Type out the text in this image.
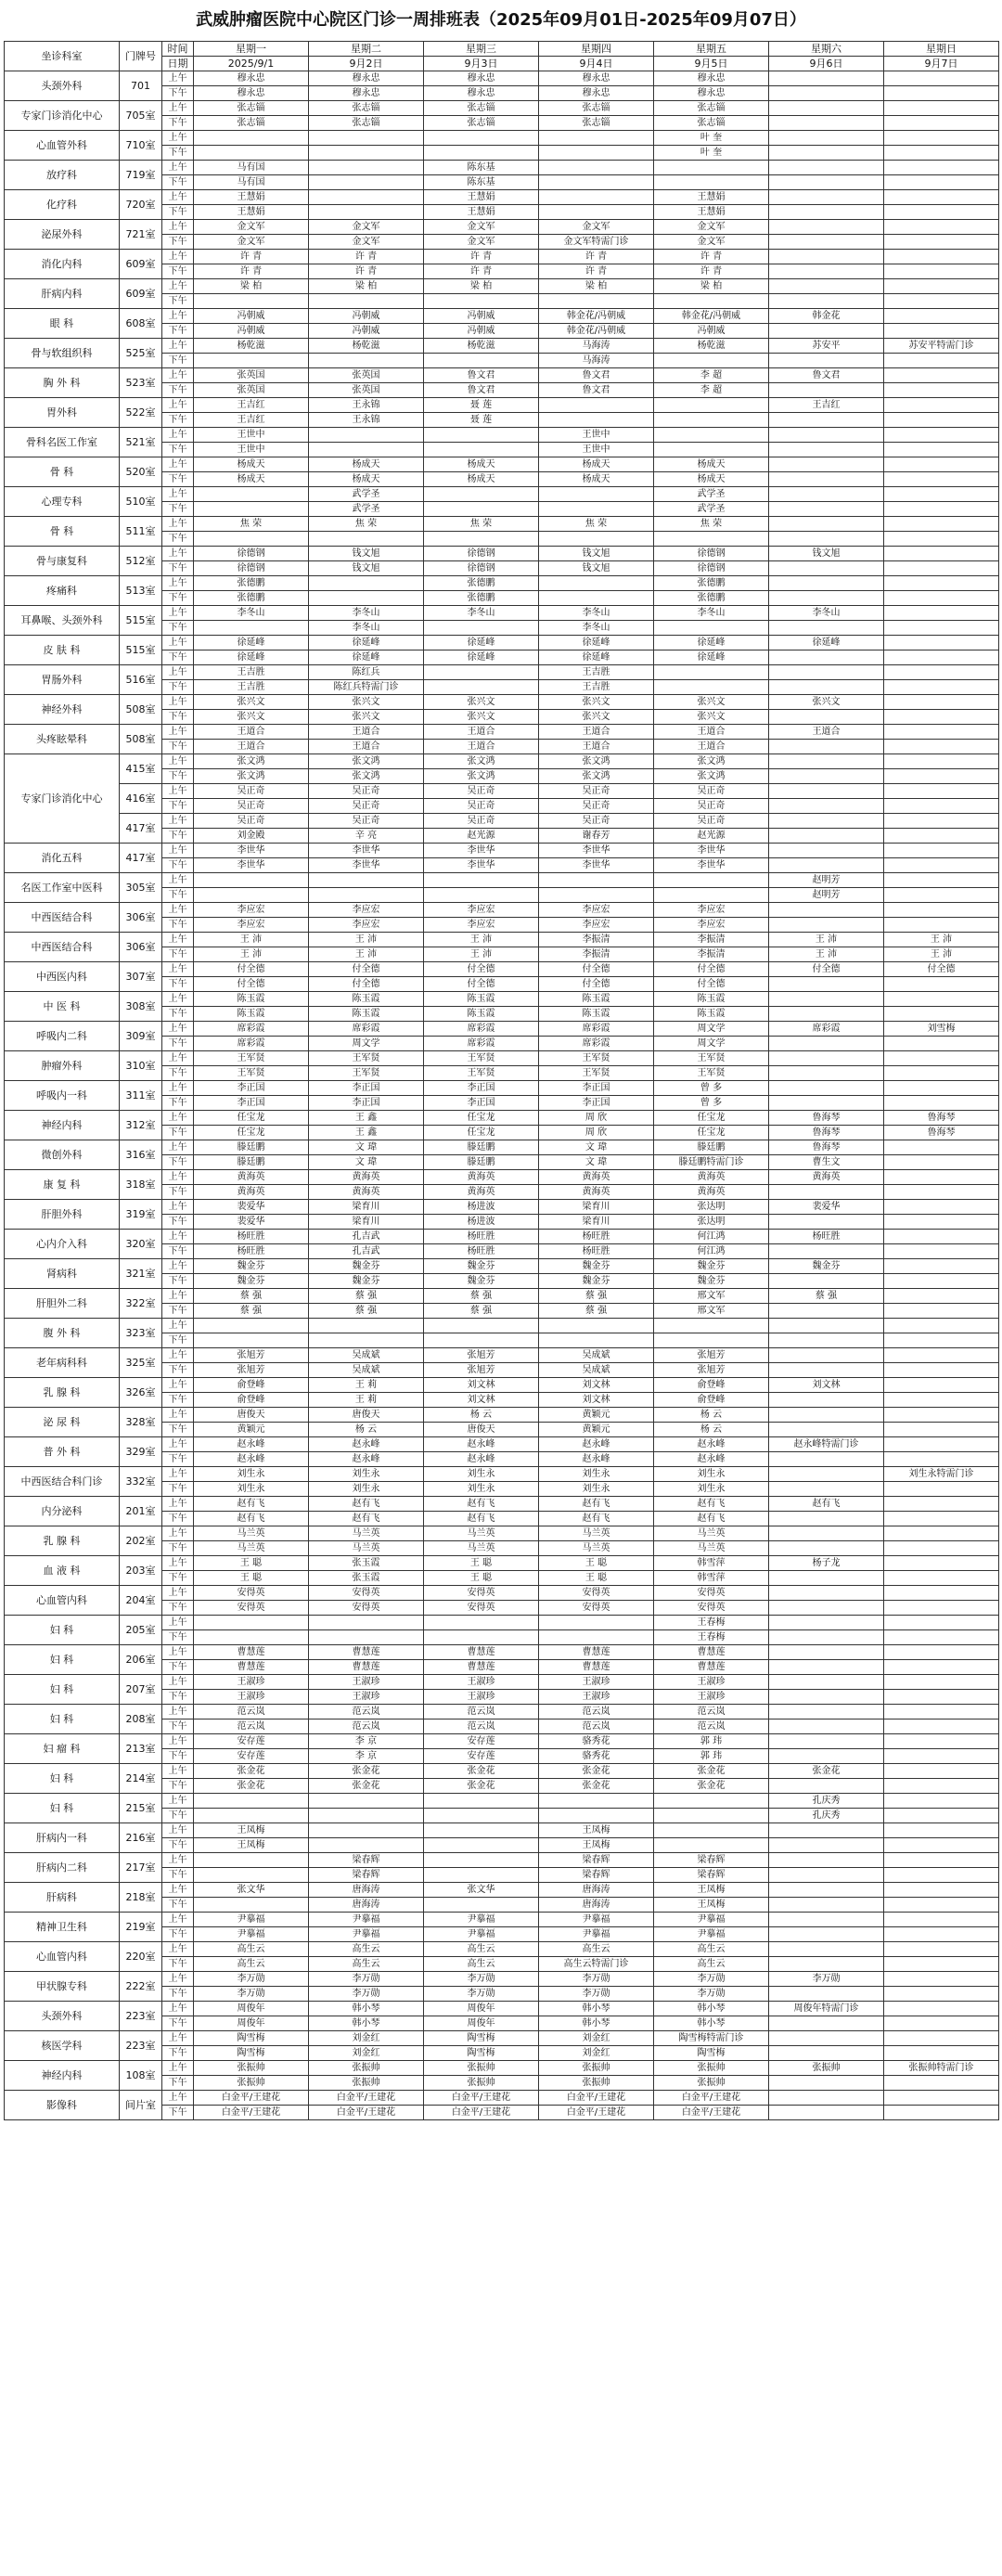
武威肿瘤医院中心院区门诊一周排班表（2025年09月01日-2025年09月07日）
坐诊科室	门牌号	时间	星期一	星期二	星期三	星期四	星期五	星期六	星期日
		日期	2025/9/1	9月2日	9月3日	9月4日	9月5日	9月6日	9月7日
头颈外科	701	上午	穆永忠	穆永忠	穆永忠	穆永忠	穆永忠		
		下午	穆永忠	穆永忠	穆永忠	穆永忠	穆永忠		
专家门诊消化中心	705室	上午	张志锱	张志锱	张志锱	张志锱	张志锱		
		下午	张志锱	张志锱	张志锱	张志锱	张志锱		
心血管外科	710室	上午					叶 奎		
		下午					叶 奎		
放疗科	719室	上午	马有国		陈东基				
		下午	马有国		陈东基				
化疗科	720室	上午	王慧娟		王慧娟		王慧娟		
		下午	王慧娟		王慧娟		王慧娟		
泌尿外科	721室	上午	金文军	金文军	金文军	金文军	金文军		
		下午	金文军	金文军	金文军	金文军特需门诊	金文军		
消化内科	609室	上午	许 青	许 青	许 青	许 青	许 青		
		下午	许 青	许 青	许 青	许 青	许 青		
肝病内科	609室	上午	梁 柏	梁 柏	梁 柏	梁 柏	梁 柏		
		下午							
眼 科	608室	上午	冯朝威	冯朝威	冯朝威	韩金花/冯朝威	韩金花/冯朝威	韩金花	
		下午	冯朝威	冯朝威	冯朝威	韩金花/冯朝威	冯朝威		
骨与软组织科	525室	上午	杨乾滋	杨乾滋	杨乾滋	马海涛	杨乾滋	苏安平	苏安平特需门诊
		下午				马海涛			
胸 外 科	523室	上午	张英国	张英国	鲁文君	鲁文君	李 超	鲁文君	
		下午	张英国	张英国	鲁文君	鲁文君	李 超		
胃外科	522室	上午	王吉红	王永锦	聂 莲			王吉红	
		下午	王吉红	王永锦	聂 莲				
骨科名医工作室	521室	上午	王世中			王世中			
		下午	王世中			王世中			
骨 科	520室	上午	杨成天	杨成天	杨成天	杨成天	杨成天		
		下午	杨成天	杨成天	杨成天	杨成天	杨成天		
心理专科	510室	上午		武学圣			武学圣		
		下午		武学圣			武学圣		
骨 科	511室	上午	焦 荣	焦 荣	焦 荣	焦 荣	焦 荣		
		下午							
骨与康复科	512室	上午	徐德钢	钱文旭	徐德钢	钱文旭	徐德钢	钱文旭	
		下午	徐德钢	钱文旭	徐德钢	钱文旭	徐德钢		
疼痛科	513室	上午	张德鹏		张德鹏		张德鹏		
		下午	张德鹏		张德鹏		张德鹏		
耳鼻喉、头颈外科	515室	上午	李冬山	李冬山	李冬山	李冬山	李冬山	李冬山	
		下午		李冬山		李冬山			
皮 肤 科	515室	上午	徐延峰	徐延峰	徐延峰	徐延峰	徐延峰	徐延峰	
		下午	徐延峰	徐延峰	徐延峰	徐延峰	徐延峰		
胃肠外科	516室	上午	王吉胜	陈红兵		王吉胜			
		下午	王吉胜	陈红兵特需门诊		王吉胜			
神经外科	508室	上午	张兴文	张兴文	张兴文	张兴文	张兴文	张兴文	
		下午	张兴文	张兴文	张兴文	张兴文	张兴文		
头疼眩晕科	508室	上午	王道合	王道合	王道合	王道合	王道合	王道合	
		下午	王道合	王道合	王道合	王道合	王道合		
专家门诊消化中心	415室	上午	张文鸿	张文鸿	张文鸿	张文鸿	张文鸿		
		下午	张文鸿	张文鸿	张文鸿	张文鸿	张文鸿		
	416室	上午	吴正奇	吴正奇	吴正奇	吴正奇	吴正奇		
		下午	吴正奇	吴正奇	吴正奇	吴正奇	吴正奇		
	417室	上午	吴正奇	吴正奇	吴正奇	吴正奇	吴正奇		
		下午	刘金殿	辛 亮	赵光源	谢春芳	赵光源		
消化五科	417室	上午	李世华	李世华	李世华	李世华	李世华		
		下午	李世华	李世华	李世华	李世华	李世华		
名医工作室中医科	305室	上午						赵明芳	
		下午						赵明芳	
中西医结合科	306室	上午	李应宏	李应宏	李应宏	李应宏	李应宏		
		下午	李应宏	李应宏	李应宏	李应宏	李应宏		
中西医结合科	306室	上午	王 沛	王 沛	王 沛	李振清	李振清	王 沛	王 沛
		下午	王 沛	王 沛	王 沛	李振清	李振清	王 沛	王 沛
中西医内科	307室	上午	付全德	付全德	付全德	付全德	付全德	付全德	付全德
		下午	付全德	付全德	付全德	付全德	付全德		
中 医 科	308室	上午	陈玉霞	陈玉霞	陈玉霞	陈玉霞	陈玉霞		
		下午	陈玉霞	陈玉霞	陈玉霞	陈玉霞	陈玉霞		
呼吸内二科	309室	上午	席彩霞	席彩霞	席彩霞	席彩霞	周文学	席彩霞	刘雪梅
		下午	席彩霞	周文学	席彩霞	席彩霞	周文学		
肿瘤外科	310室	上午	王军贤	王军贤	王军贤	王军贤	王军贤		
		下午	王军贤	王军贤	王军贤	王军贤	王军贤		
呼吸内一科	311室	上午	李正国	李正国	李正国	李正国	曾 多		
		下午	李正国	李正国	李正国	李正国	曾 多		
神经内科	312室	上午	任宝龙	王 鑫	任宝龙	周 欣	任宝龙	鲁海琴	鲁海琴
		下午	任宝龙	王 鑫	任宝龙	周 欣	任宝龙	鲁海琴	鲁海琴
微创外科	316室	上午	滕廷鹏	文 瑋	滕廷鹏	文 瑋	滕廷鹏	鲁海琴	
		下午	滕廷鹏	文 瑋	滕廷鹏	文 瑋	滕廷鹏特需门诊	曹生文	
康 复 科	318室	上午	黄海英	黄海英	黄海英	黄海英	黄海英	黄海英	
		下午	黄海英	黄海英	黄海英	黄海英	黄海英		
肝胆外科	319室	上午	裴爱华	梁育川	杨进波	梁育川	张达明	裴爱华	
		下午	裴爱华	梁育川	杨进波	梁育川	张达明		
心内介入科	320室	上午	杨旺胜	孔吉武	杨旺胜	杨旺胜	何江鸿	杨旺胜	
		下午	杨旺胜	孔吉武	杨旺胜	杨旺胜	何江鸿		
肾病科	321室	上午	魏金芬	魏金芬	魏金芬	魏金芬	魏金芬	魏金芬	
		下午	魏金芬	魏金芬	魏金芬	魏金芬	魏金芬		
肝胆外二科	322室	上午	蔡 强	蔡 强	蔡 强	蔡 强	邢文军	蔡 强	
		下午	蔡 强	蔡 强	蔡 强	蔡 强	邢文军		
腹 外 科	323室	上午							
		下午							
老年病科科	325室	上午	张旭芳	吴成斌	张旭芳	吴成斌	张旭芳		
		下午	张旭芳	吴成斌	张旭芳	吴成斌	张旭芳		
乳 腺 科	326室	上午	俞登峰	王 莉	刘文林	刘文林	俞登峰	刘文林	
		下午	俞登峰	王 莉	刘文林	刘文林	俞登峰		
泌 尿 科	328室	上午	唐俊天	唐俊天	杨 云	黄颖元	杨 云		
		下午	黄颖元	杨 云	唐俊天	黄颖元	杨 云		
普 外 科	329室	上午	赵永峰	赵永峰	赵永峰	赵永峰	赵永峰	赵永峰特需门诊	
		下午	赵永峰	赵永峰	赵永峰	赵永峰	赵永峰		
中西医结合科门诊	332室	上午	刘生永	刘生永	刘生永	刘生永	刘生永		刘生永特需门诊
		下午	刘生永	刘生永	刘生永	刘生永	刘生永		
内分泌科	201室	上午	赵有飞	赵有飞	赵有飞	赵有飞	赵有飞	赵有飞	
		下午	赵有飞	赵有飞	赵有飞	赵有飞	赵有飞		
乳 腺 科	202室	上午	马兰英	马兰英	马兰英	马兰英	马兰英		
		下午	马兰英	马兰英	马兰英	马兰英	马兰英		
血 液 科	203室	上午	王 聪	张玉霞	王 聪	王 聪	韩雪萍	杨子龙	
		下午	王 聪	张玉霞	王 聪	王 聪	韩雪萍		
心血管内科	204室	上午	安得英	安得英	安得英	安得英	安得英		
		下午	安得英	安得英	安得英	安得英	安得英		
妇 科	205室	上午					王春梅		
		下午					王春梅		
妇 科	206室	上午	曹慧莲	曹慧莲	曹慧莲	曹慧莲	曹慧莲		
		下午	曹慧莲	曹慧莲	曹慧莲	曹慧莲	曹慧莲		
妇 科	207室	上午	王淑珍	王淑珍	王淑珍	王淑珍	王淑珍		
		下午	王淑珍	王淑珍	王淑珍	王淑珍	王淑珍		
妇 科	208室	上午	范云岚	范云岚	范云岚	范云岚	范云岚		
		下午	范云岚	范云岚	范云岚	范云岚	范云岚		
妇 瘤 科	213室	上午	安存莲	李 京	安存莲	骆秀花	郭 玮		
		下午	安存莲	李 京	安存莲	骆秀花	郭 玮		
妇 科	214室	上午	张金花	张金花	张金花	张金花	张金花	张金花	
		下午	张金花	张金花	张金花	张金花	张金花		
妇 科	215室	上午						孔庆秀	
		下午						孔庆秀	
肝病内一科	216室	上午	王凤梅			王凤梅			
		下午	王凤梅			王凤梅			
肝病内二科	217室	上午		梁春辉		梁春辉	梁春辉		
		下午		梁春辉		梁春辉	梁春辉		
肝病科	218室	上午	张文华	唐海涛	张文华	唐海涛	王凤梅		
		下午		唐海涛		唐海涛	王凤梅		
精神卫生科	219室	上午	尹摹福	尹摹福	尹摹福	尹摹福	尹摹福		
		下午	尹摹福	尹摹福	尹摹福	尹摹福	尹摹福		
心血管内科	220室	上午	高生云	高生云	高生云	高生云	高生云		
		下午	高生云	高生云	高生云	高生云特需门诊	高生云		
甲状腺专科	222室	上午	李万勋	李万勋	李万勋	李万勋	李万勋	李万勋	
		下午	李万勋	李万勋	李万勋	李万勋	李万勋		
头颈外科	223室	上午	周俊年	韩小琴	周俊年	韩小琴	韩小琴	周俊年特需门诊	
		下午	周俊年	韩小琴	周俊年	韩小琴	韩小琴		
核医学科	223室	上午	陶雪梅	刘金红	陶雪梅	刘金红	陶雪梅特需门诊		
		下午	陶雪梅	刘金红	陶雪梅	刘金红	陶雪梅		
神经内科	108室	上午	张振帅	张振帅	张振帅	张振帅	张振帅	张振帅	张振帅特需门诊
		下午	张振帅	张振帅	张振帅	张振帅	张振帅		
影像科	间片室	上午	白金平/王建花	白金平/王建花	白金平/王建花	白金平/王建花	白金平/王建花		
		下午	白金平/王建花	白金平/王建花	白金平/王建花	白金平/王建花	白金平/王建花		
